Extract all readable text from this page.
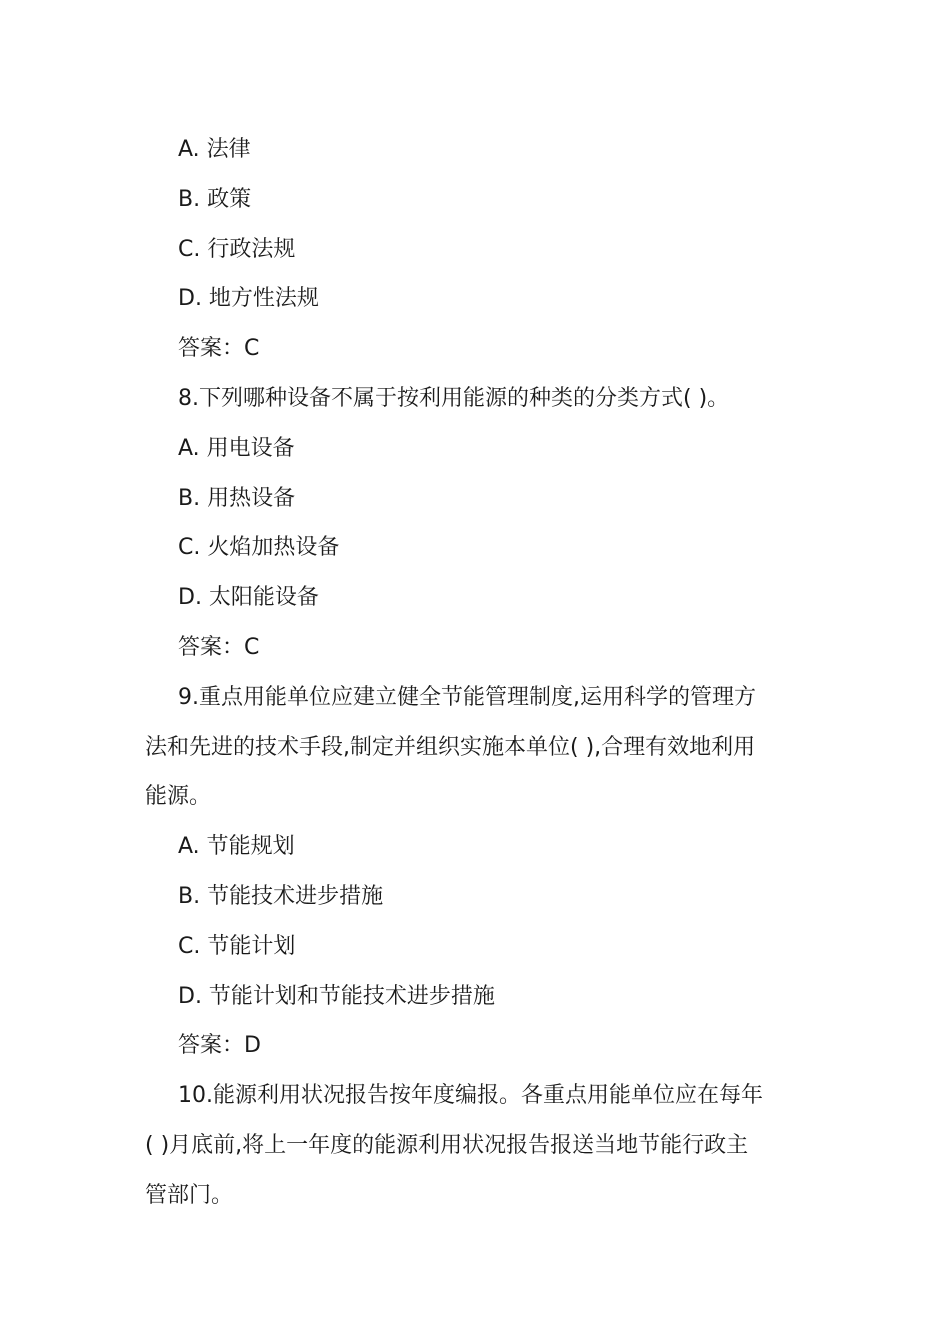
A. 法律

B. 政策

C. 行政法规

D. 地方性法规

答案：C

8.下列哪种设备不属于按利用能源的种类的分类方式( )。

A. 用电设备

B. 用热设备

C. 火焰加热设备

D. 太阳能设备

答案：C

9.重点用能单位应建立健全节能管理制度,运用科学的管理方

法和先进的技术手段,制定并组织实施本单位( ),合理有效地利用

能源。

A. 节能规划

B. 节能技术进步措施

C. 节能计划

D. 节能计划和节能技术进步措施

答案：D

10.能源利用状况报告按年度编报。各重点用能单位应在每年

( )月底前,将上一年度的能源利用状况报告报送当地节能行政主

管部门。
